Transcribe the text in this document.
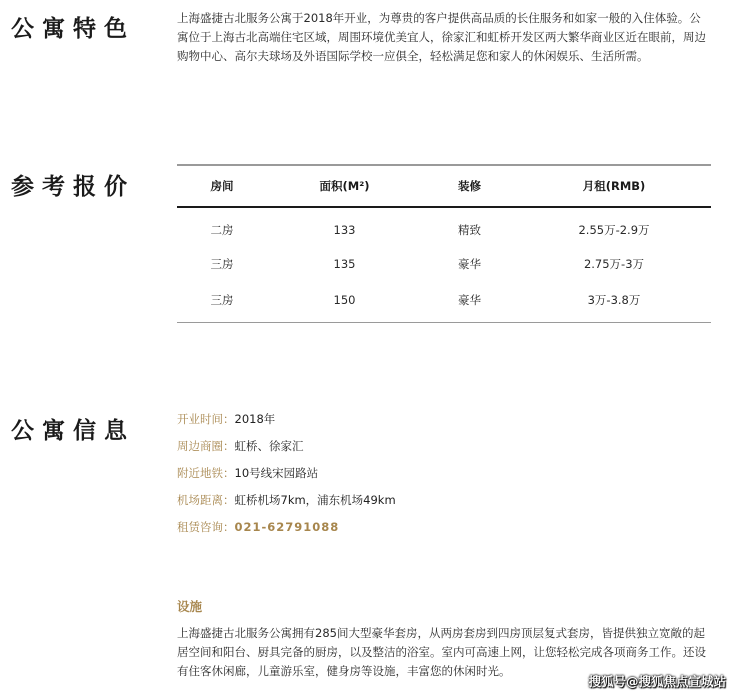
公寓特色	上海盛捷古北服务公寓于2018年开业，为尊贵的客户提供高品质的长住服务和如家一般的入住体验。公寓位于上海古北高端住宅区域，周围环境优美宜人，徐家汇和虹桥开发区两大繁华商业区近在眼前，周边购物中心、高尔夫球场及外语国际学校一应俱全，轻松满足您和家人的休闲娱乐、生活所需。

参考报价	房间	面积(M²)	装修	月租(RMB)
二房	133	精致	2.55万-2.9万
三房	135	豪华	2.75万-3万
三房	150	豪华	3万-3.8万
公寓信息	开业时间：2018年
周边商圈：虹桥、徐家汇
附近地铁：10号线宋园路站
机场距离：虹桥机场7km，浦东机场49km
租赁咨询：021-62791088
设施

上海盛捷古北服务公寓拥有285间大型豪华套房，从两房套房到四房顶层复式套房，皆提供独立宽敞的起居空间和阳台、厨具完备的厨房，以及整洁的浴室。室内可高速上网，让您轻松完成各项商务工作。还设有住客休闲廊，儿童游乐室，健身房等设施，丰富您的休闲时光。

搜狐号@搜狐焦点宣城站
